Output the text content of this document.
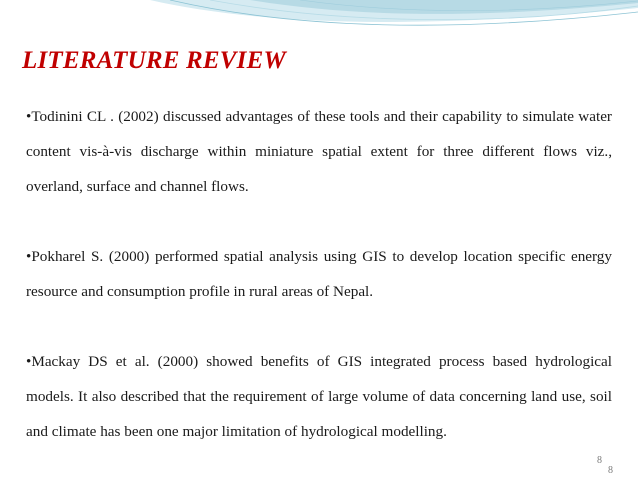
LITERATURE REVIEW

•Todinini CL . (2002) discussed advantages of these tools and their capability to simulate water content vis-à-vis discharge within miniature spatial extent for three different flows viz., overland, surface and channel flows.

•Pokharel S. (2000) performed spatial analysis using GIS to develop location specific energy resource and consumption profile in rural areas of Nepal.

•Mackay DS et al. (2000) showed benefits of GIS integrated process based hydrological models. It also described that the requirement of large volume of data concerning land use, soil and climate has been one major limitation of hydrological modelling.

8
8
